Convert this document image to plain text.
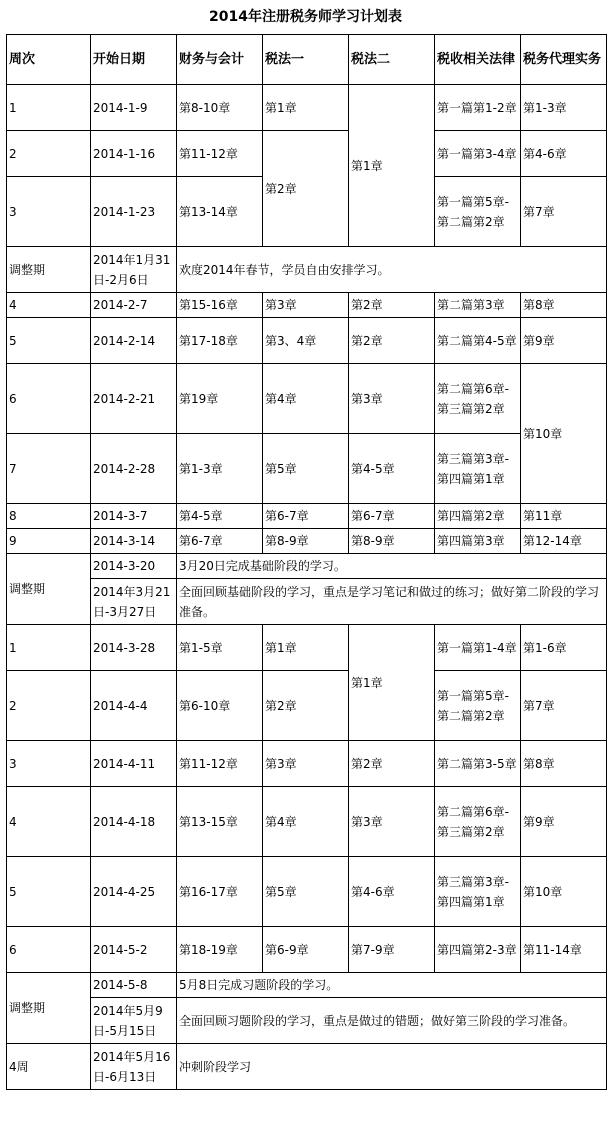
2014年注册税务师学习计划表
周次	开始日期	财务与会计	税法一	税法二	税收相关法律	税务代理实务
1	2014-1-9	第8-10章	第1章	第1章	第一篇第1-2章	第1-3章
2	2014-1-16	第11-12章	第2章		第一篇第3-4章	第4-6章
3	2014-1-23	第13-14章			第一篇第5章-第二篇第2章	第7章
调整期	2014年1月31日-2月6日	欢度2014年春节，学员自由安排学习。				
4	2014-2-7	第15-16章	第3章	第2章	第二篇第3章	第8章
5	2014-2-14	第17-18章	第3、4章	第2章	第二篇第4-5章	第9章
6	2014-2-21	第19章	第4章	第3章	第二篇第6章-第三篇第2章	第10章
7	2014-2-28	第1-3章	第5章	第4-5章	第三篇第3章-第四篇第1章	
8	2014-3-7	第4-5章	第6-7章	第6-7章	第四篇第2章	第11章
9	2014-3-14	第6-7章	第8-9章	第8-9章	第四篇第3章	第12-14章
调整期	2014-3-20	3月20日完成基础阶段的学习。				
	2014年3月21日-3月27日	全面回顾基础阶段的学习，重点是学习笔记和做过的练习；做好第二阶段的学习准备。				
1	2014-3-28	第1-5章	第1章	第1章	第一篇第1-4章	第1-6章
2	2014-4-4	第6-10章	第2章		第一篇第5章-第二篇第2章	第7章
3	2014-4-11	第11-12章	第3章	第2章	第二篇第3-5章	第8章
4	2014-4-18	第13-15章	第4章	第3章	第二篇第6章-第三篇第2章	第9章
5	2014-4-25	第16-17章	第5章	第4-6章	第三篇第3章-第四篇第1章	第10章
6	2014-5-2	第18-19章	第6-9章	第7-9章	第四篇第2-3章	第11-14章
调整期	2014-5-8	5月8日完成习题阶段的学习。				
	2014年5月9日-5月15日	全面回顾习题阶段的学习，重点是做过的错题；做好第三阶段的学习准备。				
4周	2014年5月16日-6月13日	冲刺阶段学习				
